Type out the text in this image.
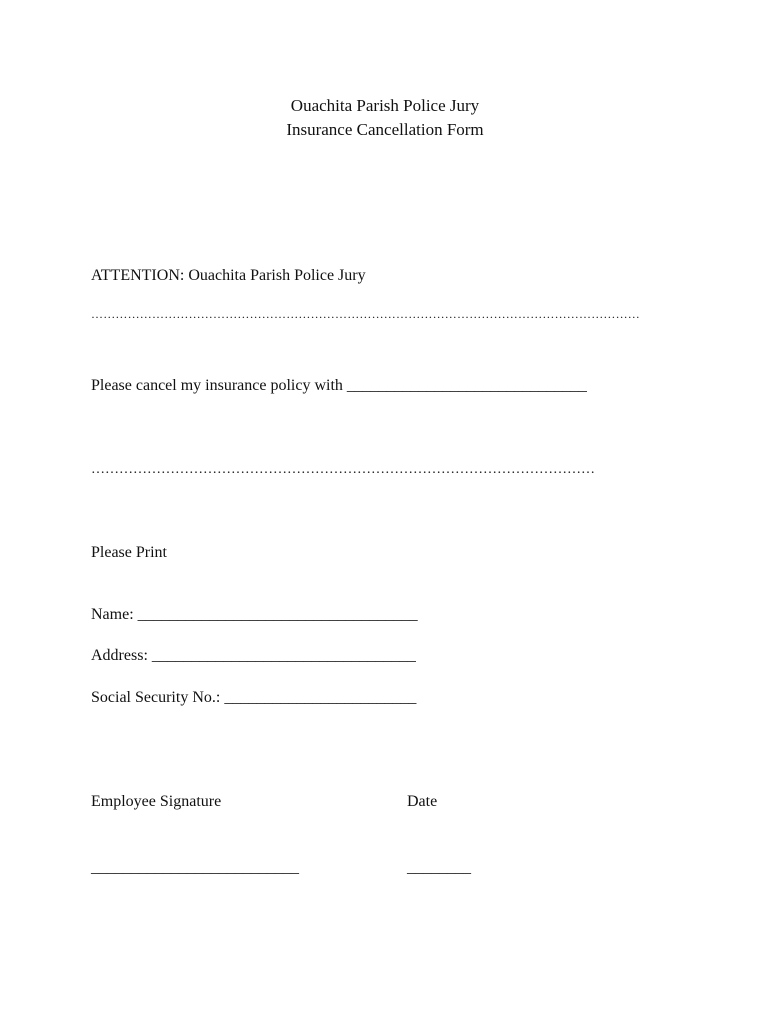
Ouachita Parish Police Jury
Insurance Cancellation Form
ATTENTION: Ouachita Parish Police Jury
………………………………………………………………………………………………………………………
Please cancel my insurance policy with ______________________________
………………………………………………………………………………………………
Please Print
Name: ___________________________________
Address: _________________________________
Social Security No.: ________________________
Employee Signature	Date
__________________________	________
